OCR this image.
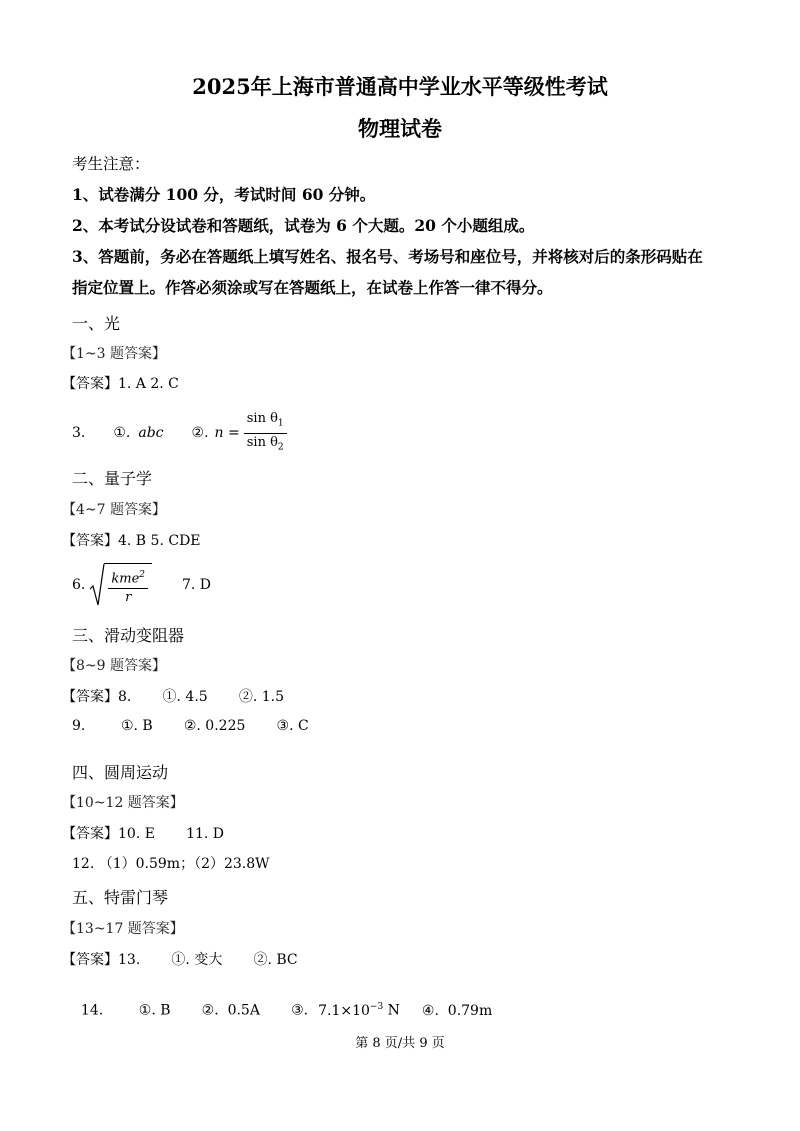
2025年上海市普通高中学业水平等级性考试
物理试卷
考生注意：
1、试卷满分 100 分，考试时间 60 分钟。
2、本考试分设试卷和答题纸，试卷为 6 个大题。20 个小题组成。
3、答题前，务必在答题纸上填写姓名、报名号、考场号和座位号，并将核对后的条形码贴在
指定位置上。作答必须涂或写在答题纸上，在试卷上作答一律不得分。
一、光
【1~3 题答案】
【答案】1. A 2. C
3. ①. abc ②. $n = \frac{\sin \theta_1}{\sin \theta_2}$
二、量子学
【4~7 题答案】
【答案】4. B 5. CDE
6. $\frac{kme^2}{r} 7$. D
三、滑动变阻器
【8~9 题答案】
【答案】8.       ①. 4.5       ②. 1.5
9.        ①. B       ②. 0.225       ③. C
四、圆周运动
【10~12 题答案】
【答案】10. E       11. D
12. （1）0.59m；（2）23.8W
五、特雷门琴
【13~17 题答案】
【答案】13.       ①. 变大       ②. BC

14.        ①. B       ②.  0.5A       ③. $7.1\times 10^{-3}$ N ④.  0.79m

第 8 页/共 9 页
